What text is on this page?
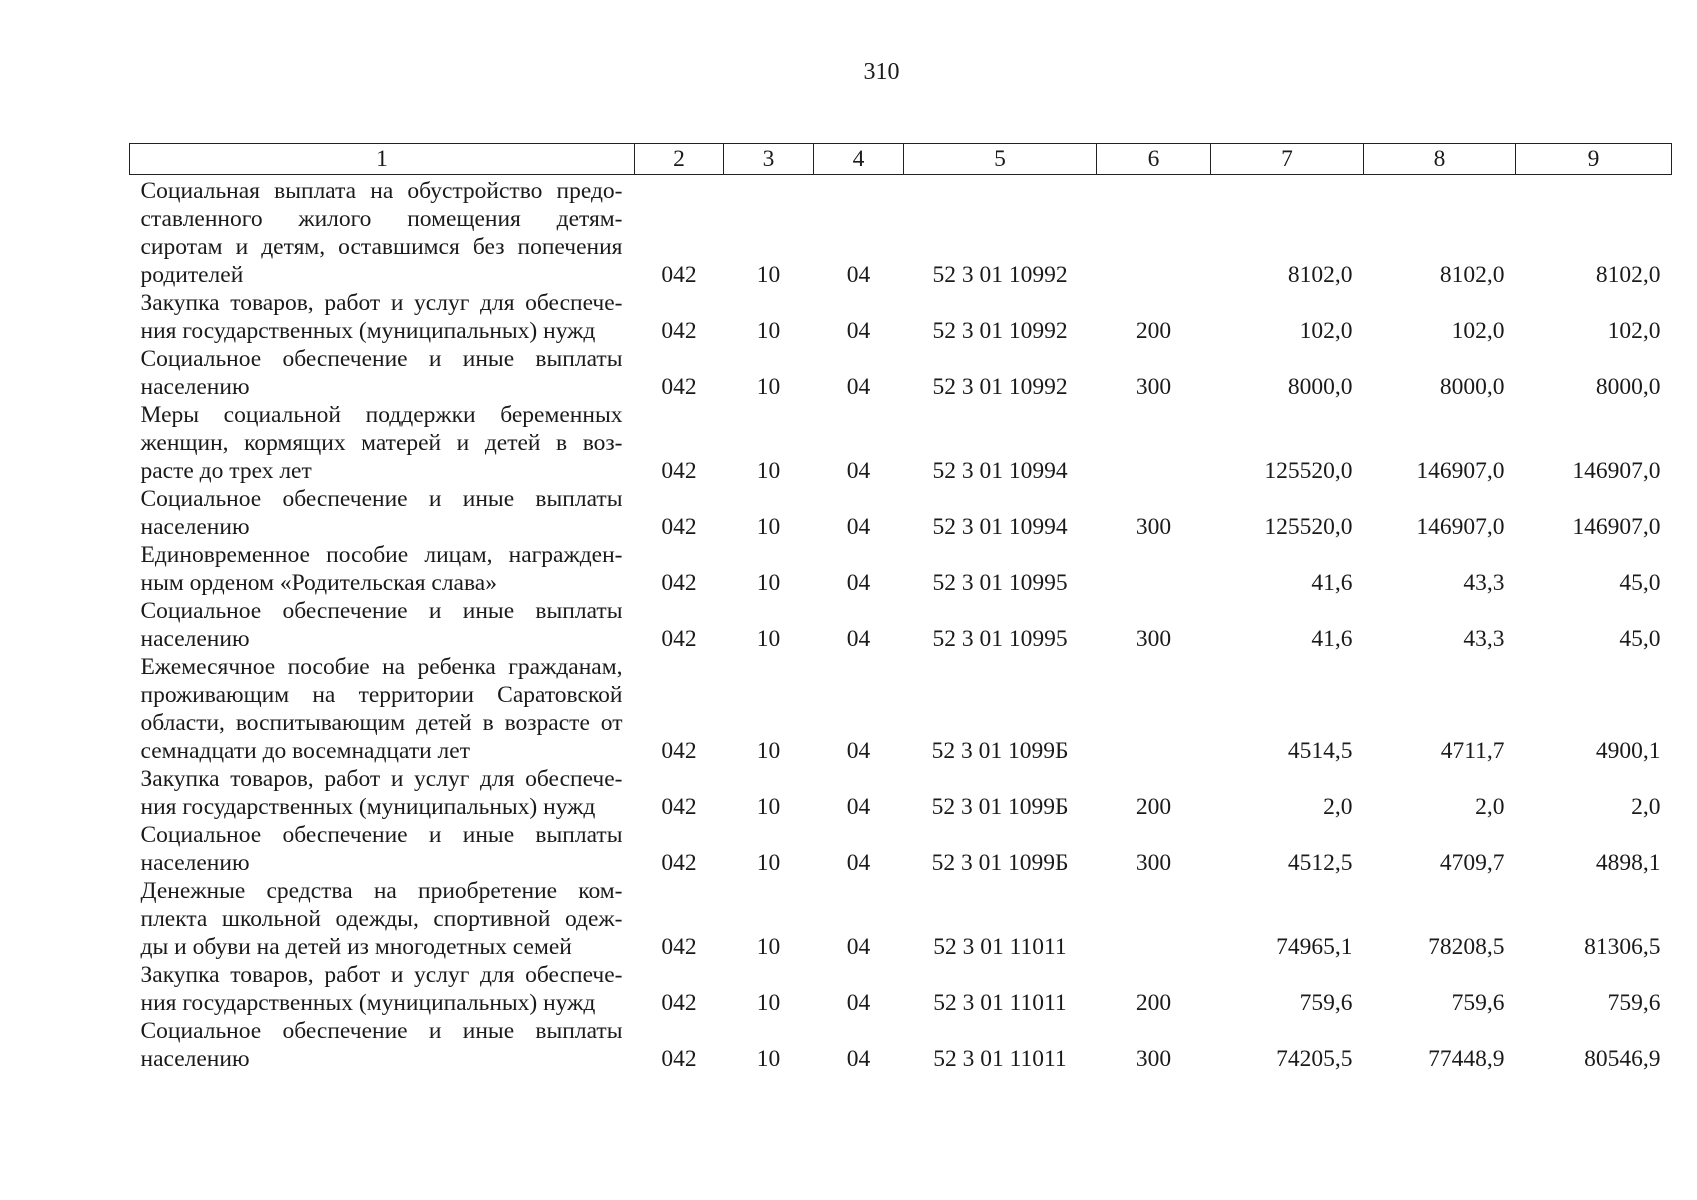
310
1	2	3	4	5	6	7	8	9

Социальная выплата на обустройство предо-
ставленного жилого помещения детям-
сиротам и детям, оставшимся без попечения
родителей	042	10	04	52 3 01 10992		8102,0	8102,0	8102,0

Закупка товаров, работ и услуг для обеспече-
ния государственных (муниципальных) нужд	042	10	04	52 3 01 10992	200	102,0	102,0	102,0

Социальное обеспечение и иные выплаты
населению	042	10	04	52 3 01 10992	300	8000,0	8000,0	8000,0

Меры социальной поддержки беременных
женщин, кормящих матерей и детей в воз-
расте до трех лет	042	10	04	52 3 01 10994		125520,0	146907,0	146907,0

Социальное обеспечение и иные выплаты
населению	042	10	04	52 3 01 10994	300	125520,0	146907,0	146907,0

Единовременное пособие лицам, награжден-
ным орденом «Родительская слава»	042	10	04	52 3 01 10995		41,6	43,3	45,0

Социальное обеспечение и иные выплаты
населению	042	10	04	52 3 01 10995	300	41,6	43,3	45,0

Ежемесячное пособие на ребенка гражданам,
проживающим на территории Саратовской
области, воспитывающим детей в возрасте от
семнадцати до восемнадцати лет	042	10	04	52 3 01 1099Б		4514,5	4711,7	4900,1

Закупка товаров, работ и услуг для обеспече-
ния государственных (муниципальных) нужд	042	10	04	52 3 01 1099Б	200	2,0	2,0	2,0

Социальное обеспечение и иные выплаты
населению	042	10	04	52 3 01 1099Б	300	4512,5	4709,7	4898,1

Денежные средства на приобретение ком-
плекта школьной одежды, спортивной одеж-
ды и обуви на детей из многодетных семей	042	10	04	52 3 01 11011		74965,1	78208,5	81306,5

Закупка товаров, работ и услуг для обеспече-
ния государственных (муниципальных) нужд	042	10	04	52 3 01 11011	200	759,6	759,6	759,6

Социальное обеспечение и иные выплаты
населению	042	10	04	52 3 01 11011	300	74205,5	77448,9	80546,9
